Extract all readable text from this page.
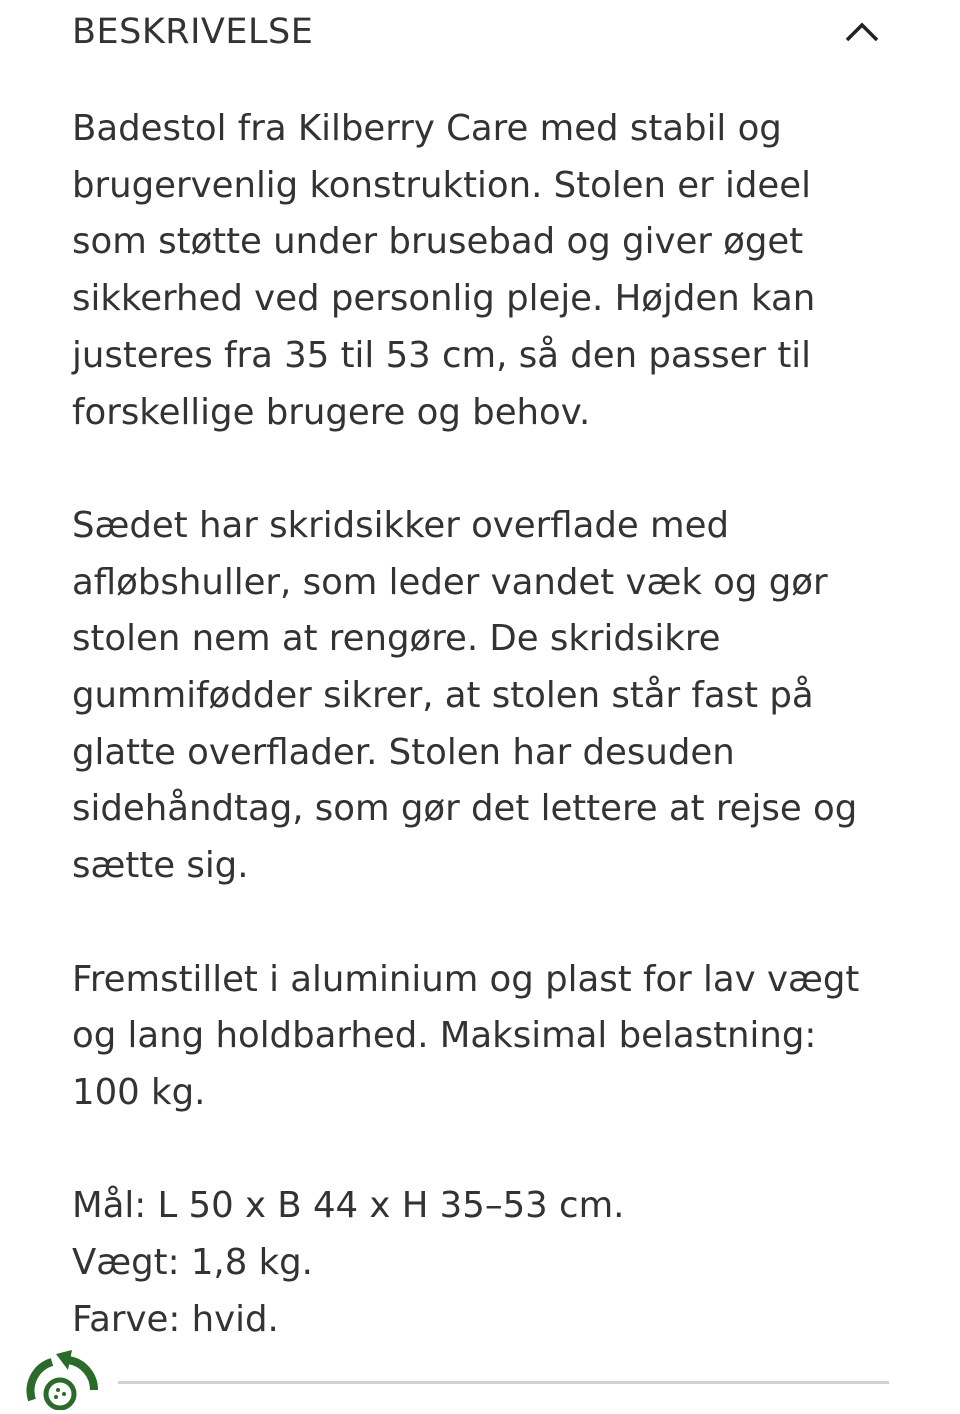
BESKRIVELSE
Badestol fra Kilberry Care med stabil og
brugervenlig konstruktion. Stolen er ideel
som støtte under brusebad og giver øget
sikkerhed ved personlig pleje. Højden kan
justeres fra 35 til 53 cm, så den passer til
forskellige brugere og behov.
Sædet har skridsikker overflade med
afløbshuller, som leder vandet væk og gør
stolen nem at rengøre. De skridsikre
gummifødder sikrer, at stolen står fast på
glatte overflader. Stolen har desuden
sidehåndtag, som gør det lettere at rejse og
sætte sig.
Fremstillet i aluminium og plast for lav vægt
og lang holdbarhed. Maksimal belastning:
100 kg.
Mål: L 50 x B 44 x H 35–53 cm.
Vægt: 1,8 kg.
Farve: hvid.
